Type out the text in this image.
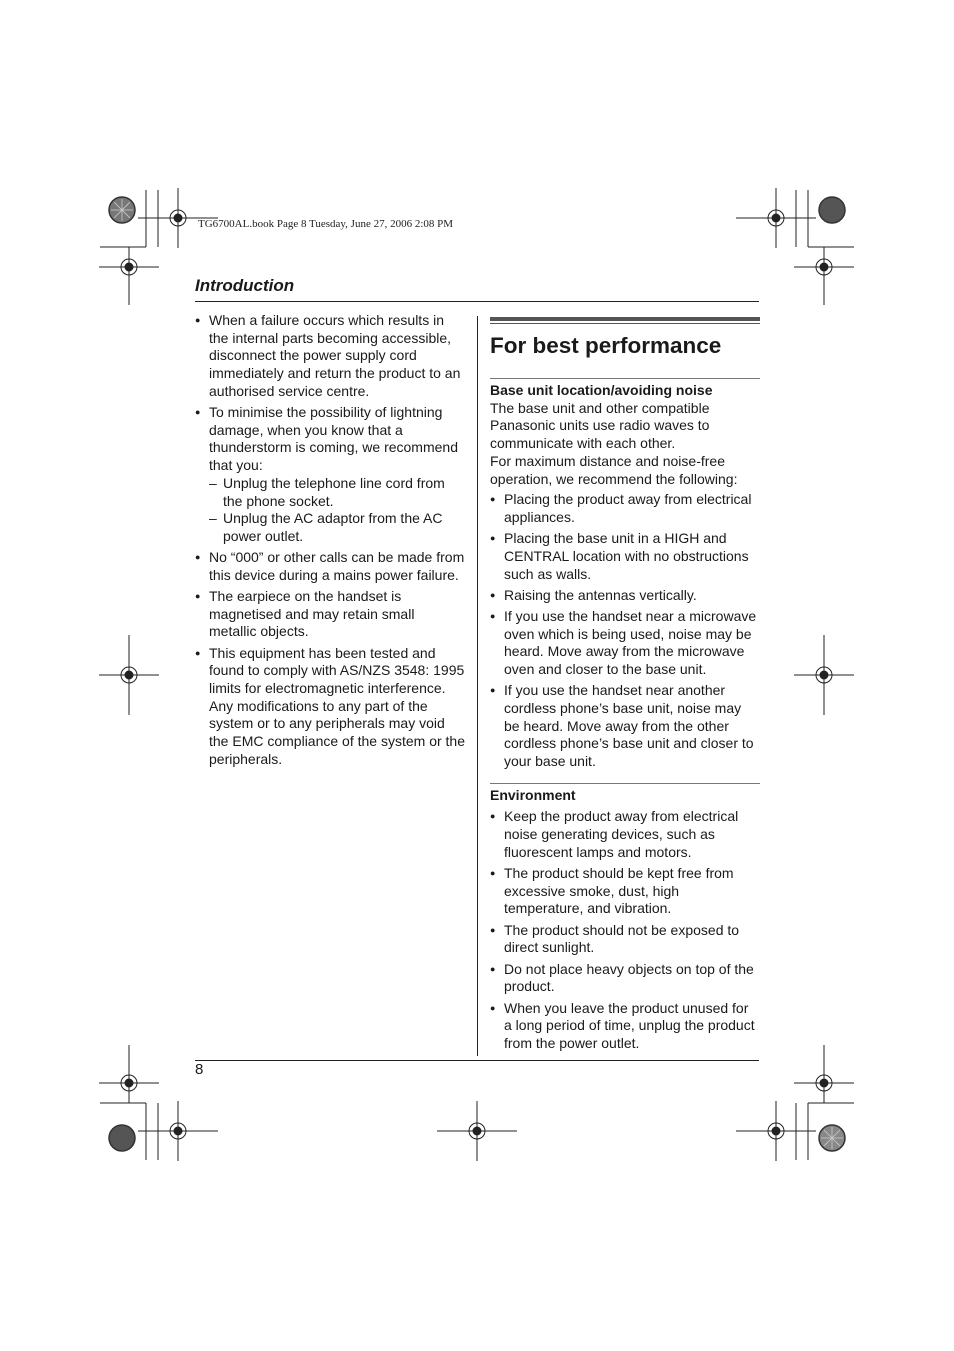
TG6700AL.book Page 8 Tuesday, June 27, 2006 2:08 PM
Introduction
● When a failure occurs which results in the internal parts becoming accessible, disconnect the power supply cord immediately and return the product to an authorised service centre.
● To minimise the possibility of lightning damage, when you know that a thunderstorm is coming, we recommend that you:
– Unplug the telephone line cord from the phone socket.
– Unplug the AC adaptor from the AC power outlet.
● No “000” or other calls can be made from this device during a mains power failure.
● The earpiece on the handset is magnetised and may retain small metallic objects.
● This equipment has been tested and found to comply with AS/NZS 3548: 1995 limits for electromagnetic interference. Any modifications to any part of the system or to any peripherals may void the EMC compliance of the system or the peripherals.
For best performance
Base unit location/avoiding noise

The base unit and other compatible Panasonic units use radio waves to communicate with each other.

For maximum distance and noise-free operation, we recommend the following:

● Placing the product away from electrical appliances.
● Placing the base unit in a HIGH and CENTRAL location with no obstructions such as walls.
● Raising the antennas vertically.
● If you use the handset near a microwave oven which is being used, noise may be heard. Move away from the microwave oven and closer to the base unit.
● If you use the handset near another cordless phone’s base unit, noise may be heard. Move away from the other cordless phone’s base unit and closer to your base unit.
Environment
● Keep the product away from electrical noise generating devices, such as fluorescent lamps and motors.
● The product should be kept free from excessive smoke, dust, high temperature, and vibration.
● The product should not be exposed to direct sunlight.
● Do not place heavy objects on top of the product.
● When you leave the product unused for a long period of time, unplug the product from the power outlet.
8
